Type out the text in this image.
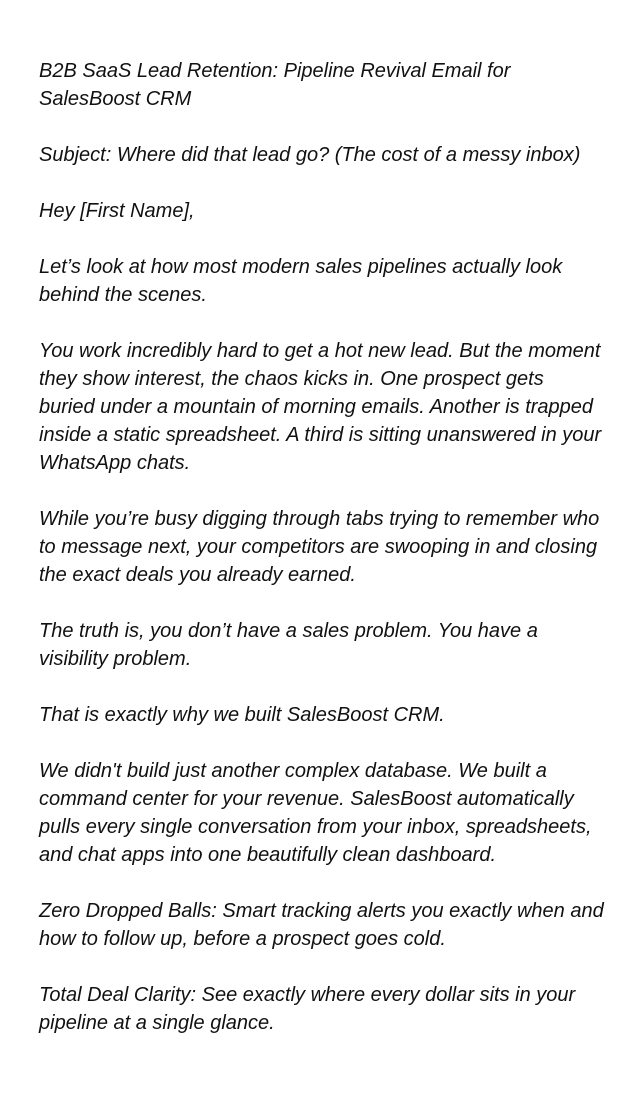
B2B SaaS Lead Retention: Pipeline Revival Email for SalesBoost CRM

Subject: Where did that lead go? (The cost of a messy inbox)

Hey [First Name],

Let’s look at how most modern sales pipelines actually look behind the scenes.

You work incredibly hard to get a hot new lead. But the moment they show interest, the chaos kicks in. One prospect gets buried under a mountain of morning emails. Another is trapped inside a static spreadsheet. A third is sitting unanswered in your WhatsApp chats.

While you’re busy digging through tabs trying to remember who to message next, your competitors are swooping in and closing the exact deals you already earned.

The truth is, you don’t have a sales problem. You have a visibility problem.

That is exactly why we built SalesBoost CRM.

We didn't build just another complex database. We built a command center for your revenue. SalesBoost automatically pulls every single conversation from your inbox, spreadsheets, and chat apps into one beautifully clean dashboard.

Zero Dropped Balls: Smart tracking alerts you exactly when and how to follow up, before a prospect goes cold.

Total Deal Clarity: See exactly where every dollar sits in your pipeline at a single glance.
